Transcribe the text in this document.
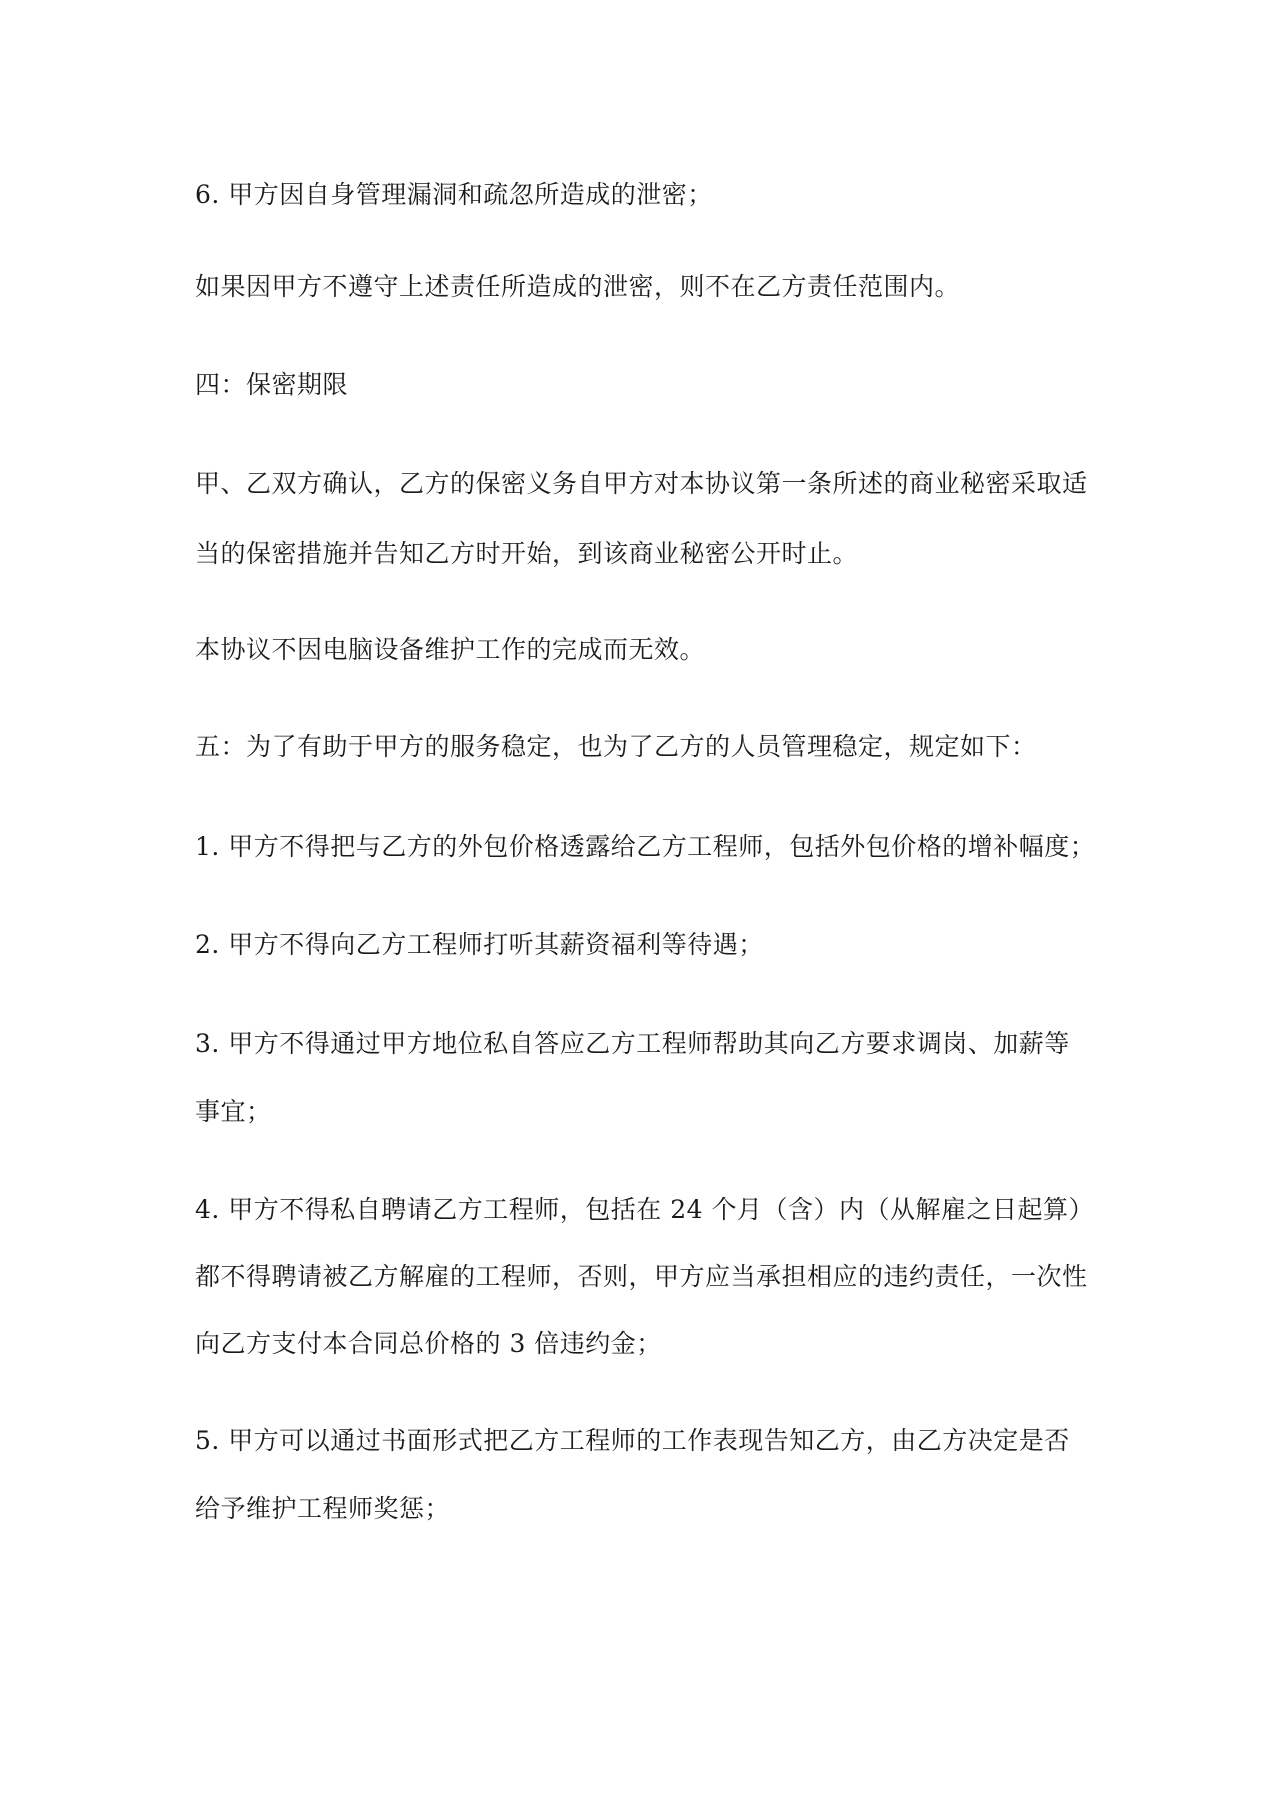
6. 甲方因自身管理漏洞和疏忽所造成的泄密；
如果因甲方不遵守上述责任所造成的泄密，则不在乙方责任范围内。
四：保密期限
甲、乙双方确认，乙方的保密义务自甲方对本协议第一条所述的商业秘密采取适
当的保密措施并告知乙方时开始，到该商业秘密公开时止。
本协议不因电脑设备维护工作的完成而无效。
五：为了有助于甲方的服务稳定，也为了乙方的人员管理稳定，规定如下：
1. 甲方不得把与乙方的外包价格透露给乙方工程师，包括外包价格的增补幅度；
2. 甲方不得向乙方工程师打听其薪资福利等待遇；
3. 甲方不得通过甲方地位私自答应乙方工程师帮助其向乙方要求调岗、加薪等
事宜；
4. 甲方不得私自聘请乙方工程师，包括在 24 个月（含）内（从解雇之日起算）
都不得聘请被乙方解雇的工程师，否则，甲方应当承担相应的违约责任，一次性
向乙方支付本合同总价格的 3 倍违约金；
5. 甲方可以通过书面形式把乙方工程师的工作表现告知乙方，由乙方决定是否
给予维护工程师奖惩；
